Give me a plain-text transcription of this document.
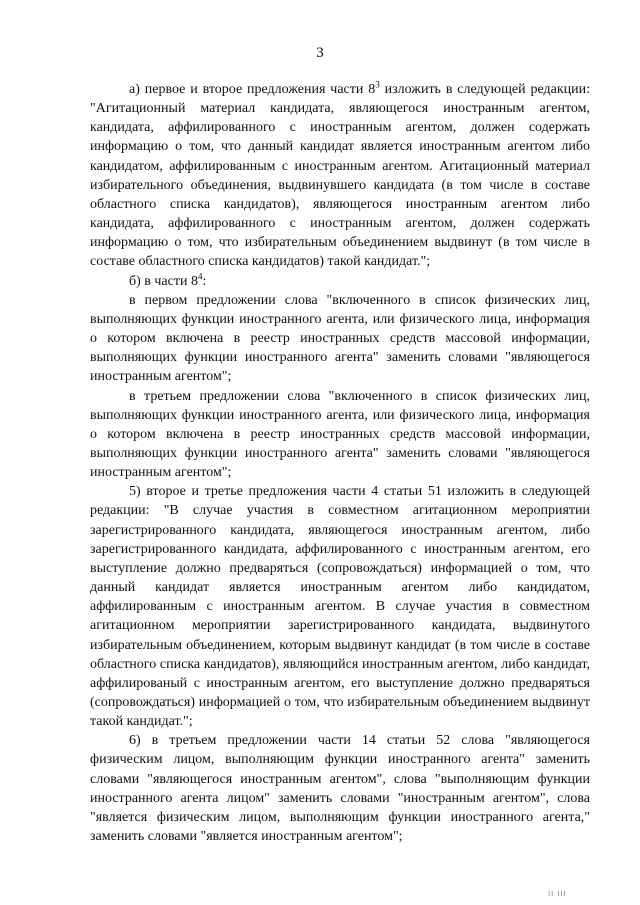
3

а) первое и второе предложения части $8^3$ изложить в следующей редакции: "Агитационный материал кандидата, являющегося иностранным агентом, кандидата, аффилированного с иностранным агентом, должен содержать информацию о том, что данный кандидат является иностранным агентом либо кандидатом, аффилированным с иностранным агентом. Агитационный материал избирательного объединения, выдвинувшего кандидата (в том числе в составе областного списка кандидатов), являющегося иностранным агентом либо кандидата, аффилированного с иностранным агентом, должен содержать информацию о том, что избирательным объединением выдвинут (в том числе в составе областного списка кандидатов) такой кандидат.";

б) в части $8^4$:

в первом предложении слова "включенного в список физических лиц, выполняющих функции иностранного агента, или физического лица, информация о котором включена в реестр иностранных средств массовой информации, выполняющих функции иностранного агента" заменить словами "являющегося иностранным агентом";

в третьем предложении слова "включенного в список физических лиц, выполняющих функции иностранного агента, или физического лица, информация о котором включена в реестр иностранных средств массовой информации, выполняющих функции иностранного агента" заменить словами "являющегося иностранным агентом";

5) второе и третье предложения части 4 статьи 51 изложить в следующей редакции: "В случае участия в совместном агитационном мероприятии зарегистрированного кандидата, являющегося иностранным агентом, либо зарегистрированного кандидата, аффилированного с иностранным агентом, его выступление должно предваряться (сопровождаться) информацией о том, что данный кандидат является иностранным агентом либо кандидатом, аффилированным с иностранным агентом. В случае участия в совместном агитационном мероприятии зарегистрированного кандидата, выдвинутого избирательным объединением, которым выдвинут кандидат (в том числе в составе областного списка кандидатов), являющийся иностранным агентом, либо кандидат, аффилированый с иностранным агентом, его выступление должно предваряться (сопровождаться) информацией о том, что избирательным объединением выдвинут такой кандидат.";

6) в третьем предложении части 14 статьи 52 слова "являющегося физическим лицом, выполняющим функции иностранного агента" заменить словами "являющегося иностранным агентом", слова "выполняющим функции иностранного агента лицом" заменить словами "иностранным агентом", слова "является физическим лицом, выполняющим функции иностранного агента," заменить словами "является иностранным агентом";

II III
